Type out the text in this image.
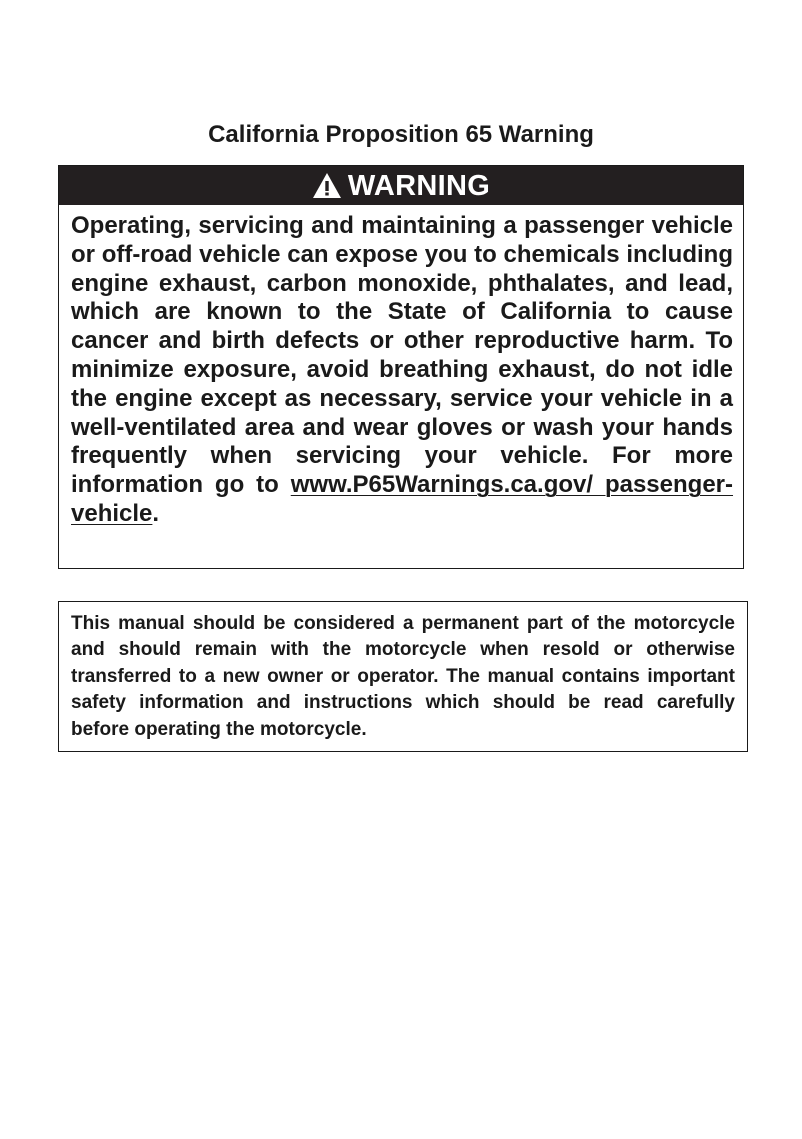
California Proposition 65 Warning
WARNING

Operating, servicing and maintaining a passenger vehicle or off-road vehicle can expose you to chemicals including engine exhaust, carbon monoxide, phthalates, and lead, which are known to the State of California to cause cancer and birth defects or other reproductive harm. To minimize exposure, avoid breathing exhaust, do not idle the engine except as necessary, service your vehicle in a well-ventilated area and wear gloves or wash your hands frequently when servicing your vehicle. For more information go to www.P65Warnings.ca.gov/ passenger-vehicle.

This manual should be considered a permanent part of the motorcycle and should remain with the motorcycle when resold or otherwise transferred to a new owner or operator. The manual contains important safety information and instructions which should be read carefully before operating the motorcycle.
